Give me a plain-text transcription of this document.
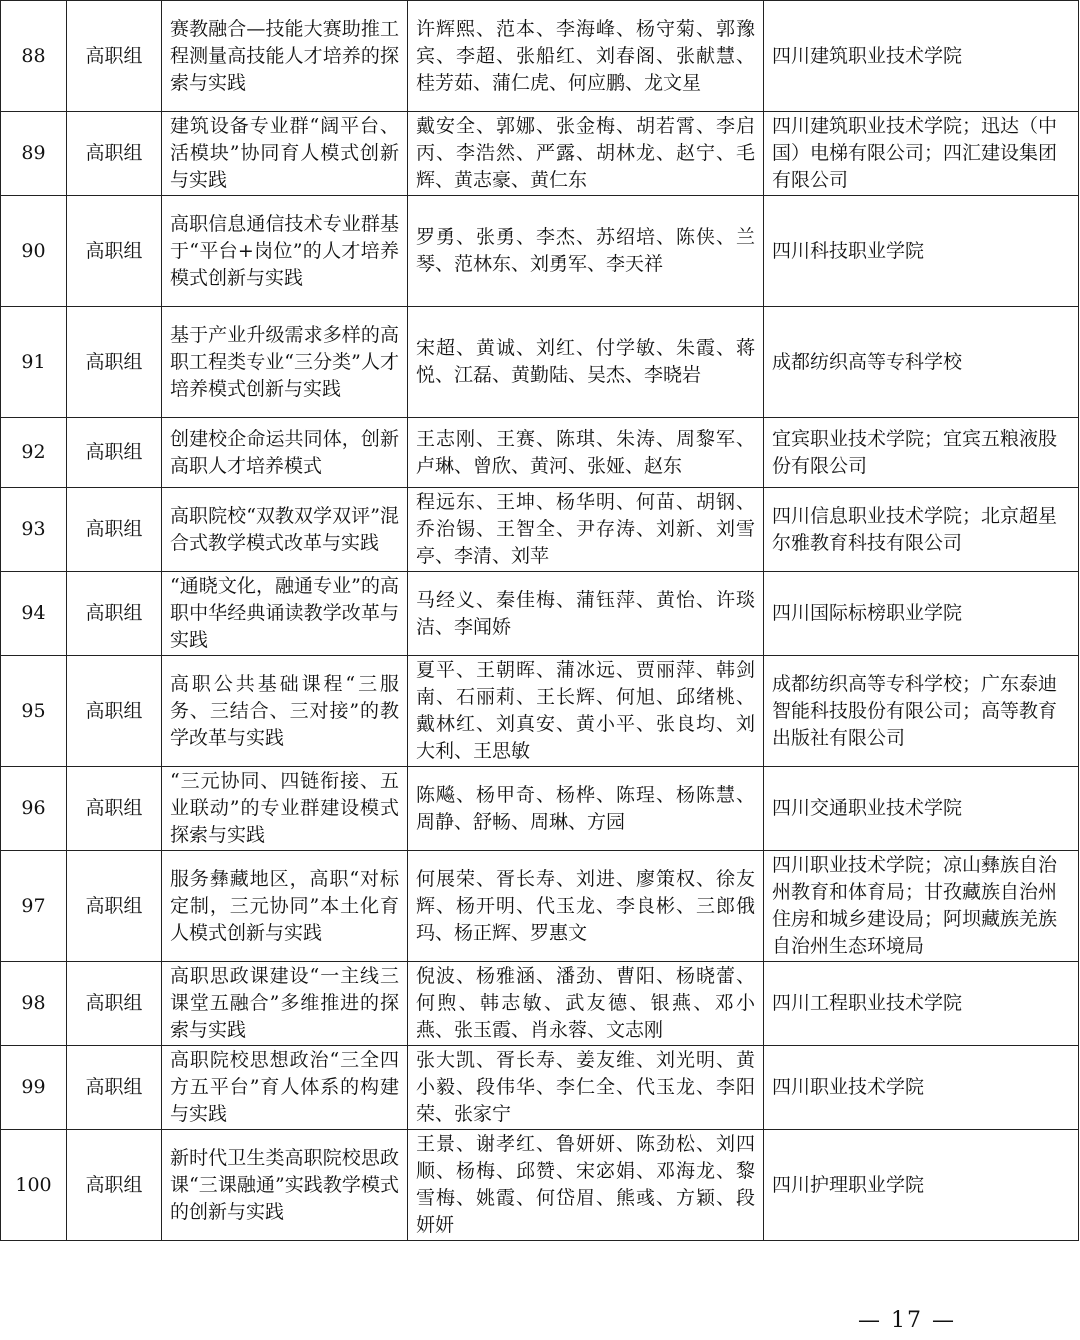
88	高职组	赛教融合—技能大赛助推工程测量高技能人才培养的探索与实践	许辉熙、范本、李海峰、杨守菊、郭豫宾、李超、张船红、刘春阁、张献慧、桂芳茹、蒲仁虎、何应鹏、龙文星	四川建筑职业技术学院
89	高职组	建筑设备专业群“阔平台、活模块”协同育人模式创新与实践	戴安全、郭娜、张金梅、胡若霄、李启丙、李浩然、严露、胡林龙、赵宁、毛辉、黄志豪、黄仁东	四川建筑职业技术学院；迅达（中国）电梯有限公司；四汇建设集团有限公司
90	高职组	高职信息通信技术专业群基于“平台+岗位”的人才培养模式创新与实践	罗勇、张勇、李杰、苏绍培、陈侠、兰琴、范林东、刘勇军、李天祥	四川科技职业学院
91	高职组	基于产业升级需求多样的高职工程类专业“三分类”人才培养模式创新与实践	宋超、黄诚、刘红、付学敏、朱霞、蒋悦、江磊、黄勤陆、吴杰、李晓岩	成都纺织高等专科学校
92	高职组	创建校企命运共同体，创新高职人才培养模式	王志刚、王赛、陈琪、朱涛、周黎军、卢琳、曾欣、黄河、张娅、赵东	宜宾职业技术学院；宜宾五粮液股份有限公司
93	高职组	高职院校“双教双学双评”混合式教学模式改革与实践	程远东、王坤、杨华明、何苗、胡钢、乔治锡、王智全、尹存涛、刘新、刘雪亭、李清、刘苹	四川信息职业技术学院；北京超星尔雅教育科技有限公司
94	高职组	“通晓文化，融通专业”的高职中华经典诵读教学改革与实践	马经义、秦佳梅、蒲钰萍、黄怡、许琰洁、李闻娇	四川国际标榜职业学院
95	高职组	高职公共基础课程“三服务、三结合、三对接”的教学改革与实践	夏平、王朝晖、蒲冰远、贾丽萍、韩剑南、石丽莉、王长辉、何旭、邱绪桃、戴林红、刘真安、黄小平、张良均、刘大利、王思敏	成都纺织高等专科学校；广东泰迪智能科技股份有限公司；高等教育出版社有限公司
96	高职组	“三元协同、四链衔接、五业联动”的专业群建设模式探索与实践	陈飚、杨甲奇、杨桦、陈珵、杨陈慧、周静、舒畅、周琳、方园	四川交通职业技术学院
97	高职组	服务彝藏地区，高职“对标定制，三元协同”本土化育人模式创新与实践	何展荣、胥长寿、刘进、廖策权、徐友辉、杨开明、代玉龙、李良彬、三郎俄玛、杨正辉、罗惠文	四川职业技术学院；凉山彝族自治州教育和体育局；甘孜藏族自治州住房和城乡建设局；阿坝藏族羌族自治州生态环境局
98	高职组	高职思政课建设“一主线三课堂五融合”多维推进的探索与实践	倪波、杨雅涵、潘劲、曹阳、杨晓蕾、何煦、韩志敏、武友德、银燕、邓小燕、张玉霞、肖永蓉、文志刚	四川工程职业技术学院
99	高职组	高职院校思想政治“三全四方五平台”育人体系的构建与实践	张大凯、胥长寿、姜友维、刘光明、黄小毅、段伟华、李仁全、代玉龙、李阳荣、张家宁	四川职业技术学院
100	高职组	新时代卫生类高职院校思政课“三课融通”实践教学模式的创新与实践	王景、谢孝红、鲁妍妍、陈劲松、刘四顺、杨梅、邱赞、宋宓娟、邓海龙、黎雪梅、姚霞、何岱眉、熊彧、方颖、段妍妍	四川护理职业学院
— 17 —
